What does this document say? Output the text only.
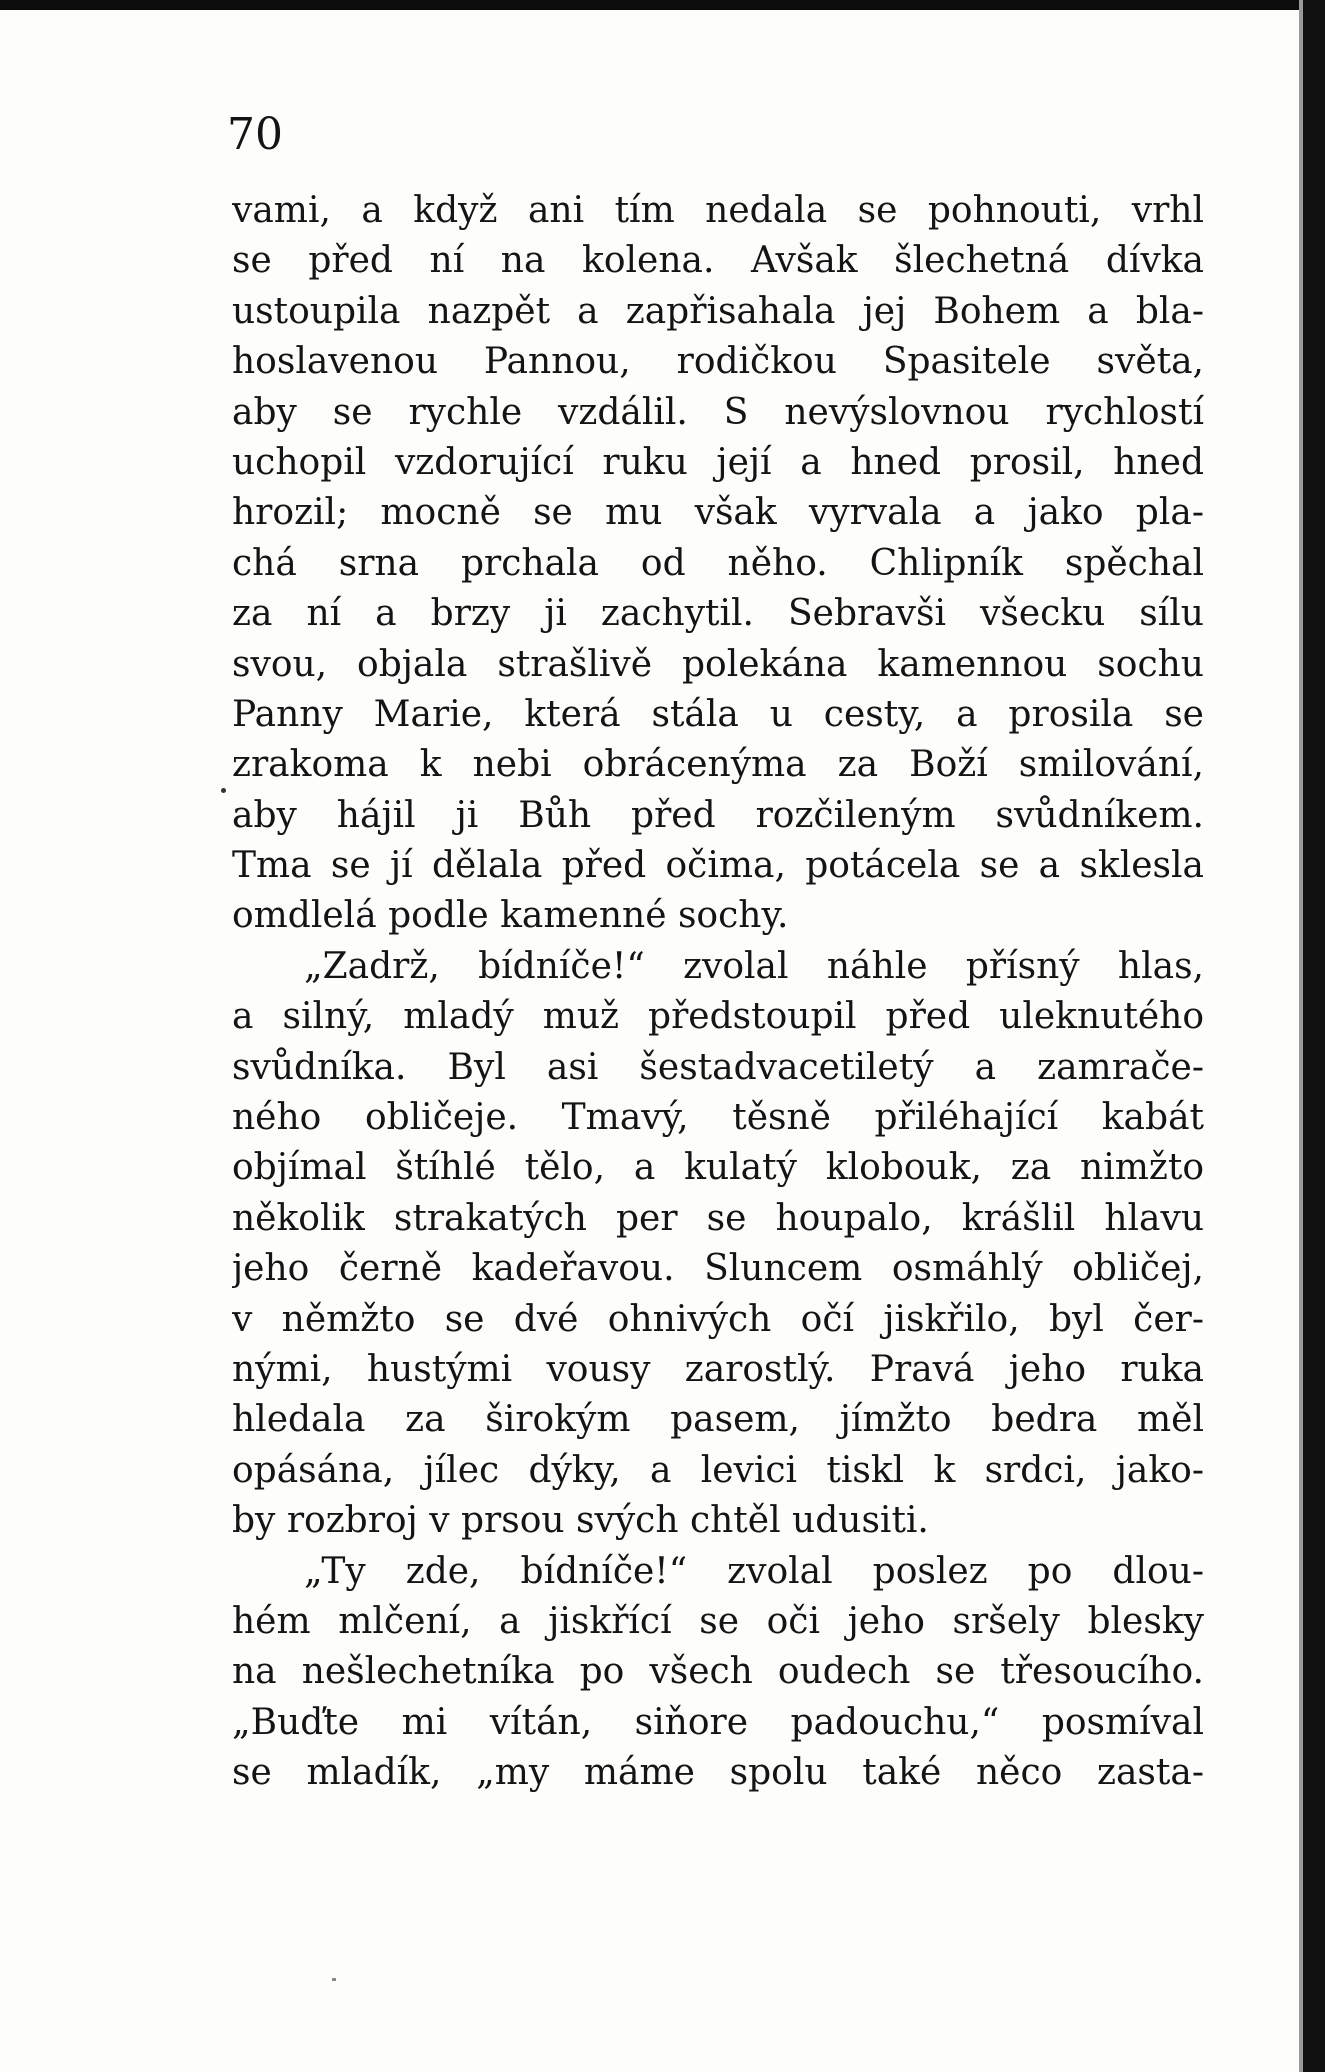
70
vami, a když ani tím nedala se pohnouti, vrhl
se před ní na kolena. Avšak šlechetná dívka
ustoupila nazpět a zapřisahala jej Bohem a bla-
hoslavenou Pannou, rodičkou Spasitele světa,
aby se rychle vzdálil. S nevýslovnou rychlostí
uchopil vzdorující ruku její a hned prosil, hned
hrozil; mocně se mu však vyrvala a jako pla-
chá srna prchala od něho. Chlipník spěchal
za ní a brzy ji zachytil. Sebravši všecku sílu
svou, objala strašlivě polekána kamennou sochu
Panny Marie, která stála u cesty, a prosila se
zrakoma k nebi obrácenýma za Boží smilování,
aby hájil ji Bůh před rozčileným svůdníkem.
Tma se jí dělala před očima, potácela se a sklesla
omdlelá podle kamenné sochy.
„Zadrž, bídníče!“ zvolal náhle přísný hlas,
a silný, mladý muž předstoupil před uleknutého
svůdníka. Byl asi šestadvacetiletý a zamrače-
ného obličeje. Tmavý, těsně přiléhající kabát
objímal štíhlé tělo, a kulatý klobouk, za nimžto
několik strakatých per se houpalo, krášlil hlavu
jeho černě kadeřavou. Sluncem osmáhlý obličej,
v němžto se dvé ohnivých očí jiskřilo, byl čer-
nými, hustými vousy zarostlý. Pravá jeho ruka
hledala za širokým pasem, jímžto bedra měl
opásána, jílec dýky, a levici tiskl k srdci, jako-
by rozbroj v prsou svých chtěl udusiti.
„Ty zde, bídníče!“ zvolal poslez po dlou-
hém mlčení, a jiskřící se oči jeho sršely blesky
na nešlechetníka po všech oudech se třesoucího.
„Buďte mi vítán, siňore padouchu,“ posmíval
se mladík, „my máme spolu také něco zasta-
